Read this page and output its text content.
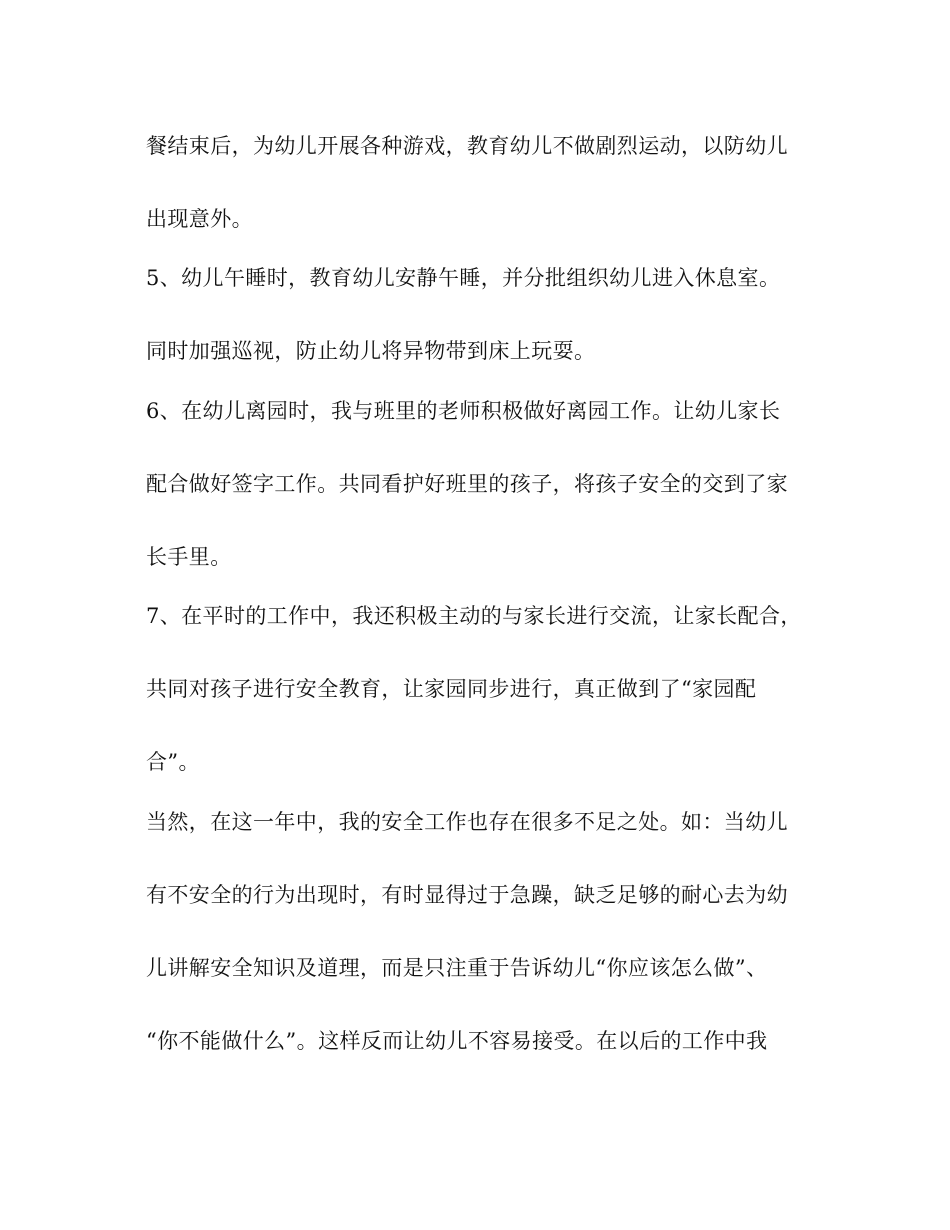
餐结束后，为幼儿开展各种游戏，教育幼儿不做剧烈运动，以防幼儿
出现意外。
5、幼儿午睡时，教育幼儿安静午睡，并分批组织幼儿进入休息室。
同时加强巡视，防止幼儿将异物带到床上玩耍。
6、在幼儿离园时，我与班里的老师积极做好离园工作。让幼儿家长
配合做好签字工作。共同看护好班里的孩子，将孩子安全的交到了家
长手里。
7、在平时的工作中，我还积极主动的与家长进行交流，让家长配合，
共同对孩子进行安全教育，让家园同步进行，真正做到了“家园配
合”。
当然，在这一年中，我的安全工作也存在很多不足之处。如：当幼儿
有不安全的行为出现时，有时显得过于急躁，缺乏足够的耐心去为幼
儿讲解安全知识及道理，而是只注重于告诉幼儿“你应该怎么做”、
“你不能做什么”。这样反而让幼儿不容易接受。在以后的工作中我
